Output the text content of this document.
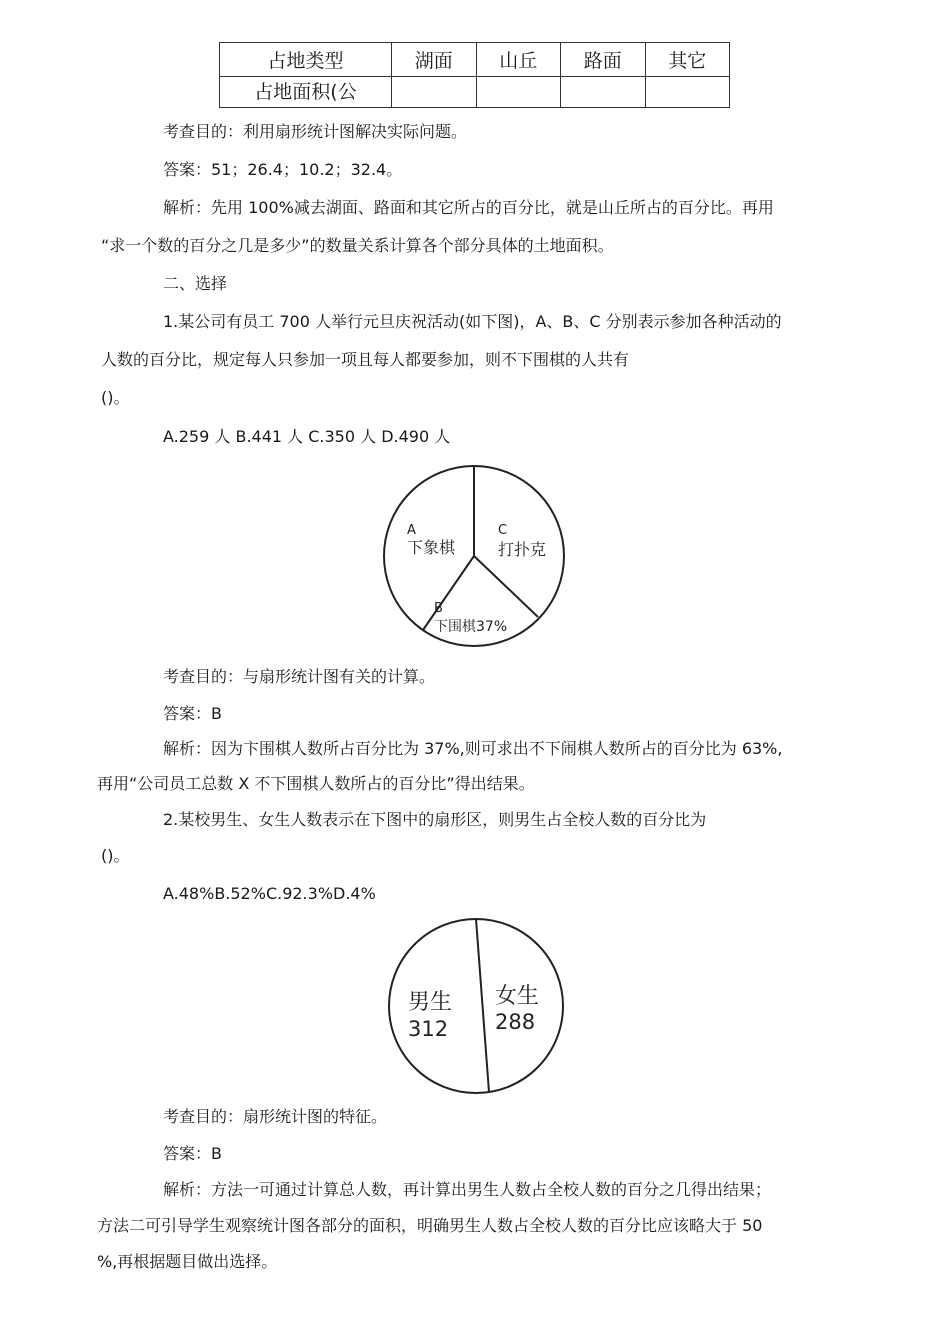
占地类型	湖面	山丘	路面	其它
占地面积(公				
考查目的：利用扇形统计图解决实际问题。
答案：51；26.4；10.2；32.4。
解析：先用 100%减去湖面、路面和其它所占的百分比，就是山丘所占的百分比。再用
“求一个数的百分之几是多少”的数量关系计算各个部分具体的土地面积。
二、选择
1.某公司有员工 700 人举行元旦庆祝活动(如下图)，A、B、C 分别表示参加各种活动的
人数的百分比，规定每人只参加一项且每人都要参加，则不下围棋的人共有
()。
A.259 人 B.441 人 C.350 人 D.490 人
A
下象棋
C
打扑克
B
下围棋37%
考查目的：与扇形统计图有关的计算。
答案：B
解析：因为卞围棋人数所占百分比为 37%,则可求出不下闹棋人数所占的百分比为 63%,
再用“公司员工总数 X 不下围棋人数所占的百分比”得出结果。
2.某校男生、女生人数表示在下图中的扇形区，则男生占全校人数的百分比为
()。
A.48%B.52%C.92.3%D.4%
男生
312
女生
288
考查目的：扇形统计图的特征。
答案：B
解析：方法一可通过计算总人数，再计算出男生人数占全校人数的百分之几得出结果；
方法二可引导学生观察统计图各部分的面积，明确男生人数占全校人数的百分比应该略大于 50
%,再根据题目做出选择。
